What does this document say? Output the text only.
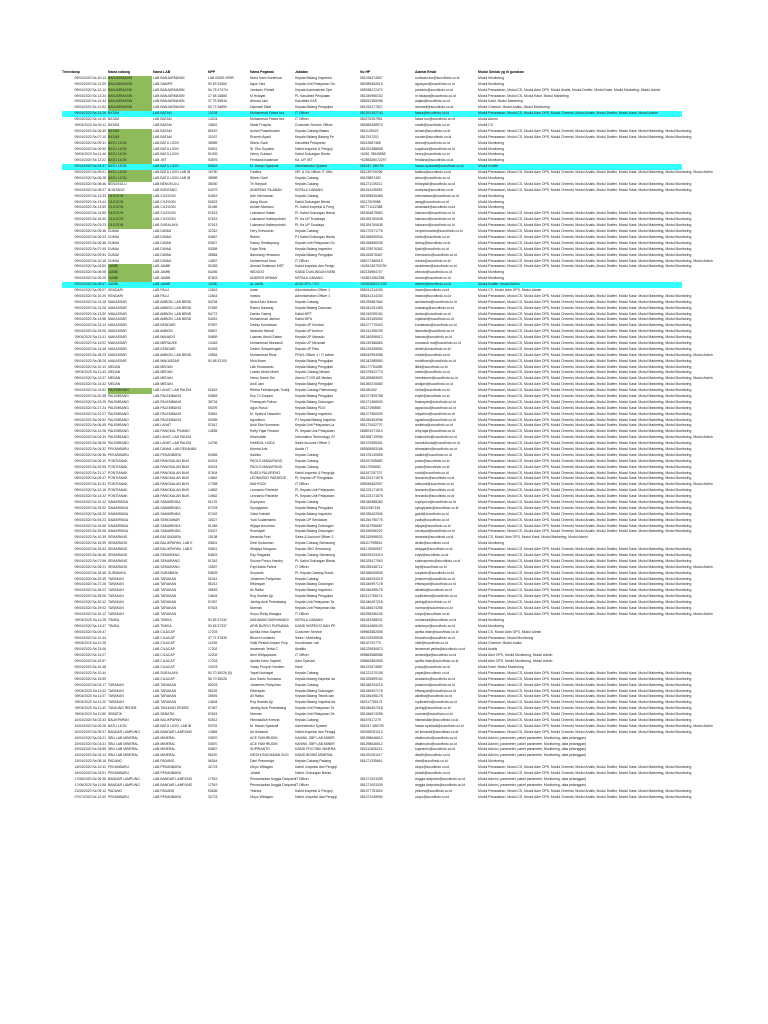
Timestamp	Nama cabang	Nama LAB	NPP	Nama Pegawai	Jabatan	No HP	Alamat Email	Modul Simlab yg di gunakan
09/04/2020 Sa 10:13 BANJARMASIN	LAB BANJARMASIN	LAB BJMS 00RR	Nurul Izam Nurlenisa	Kepala Bidang Inspektor	081235374507	nurlizam.ino@sucofindo.co.id	Modul Monitoring
09/04/2020 Sa 12:09 BANJARMASIN	LAB SAMPIT	90 69 32660	Agus Yani	Kepala Unit Pelayanan Sa	082389452619	agusyani@sucofindo.co.id	Modul Monitoring
09/04/2020 Sa 12:14 BANJARMASIN	LAB BANJARMASIN	54 75 4747/4	Jumiarto Fitriadi	Kepala Administrasi Ope	085338472473	jumiarto@sucofindo.co.id	Modul Penawaran, Modul CS, Modul Adm OPS, Modul Analis, Modul Drafter, Modul Kasir, Modul Marketing, Modul Admin
09/04/2020 Sa 12:24 BANJARMASIN	LAB BANJARMASIN	17 65 16880	M Hidayat	PL Kasubbid Penjualan	081349966152	m.hidayat@sucofindo.co.id	Modul Penawaran, Modul CS, Modul Kasir, Modul Marketing
09/04/2020 Sa 12:44 BANJARMASIN	LAB BANJARMASIN	37 75 36816	Ahmad Jaki	Kasubbid KAS	085251365058	ahjaki@sucofindo.co.id	Modul Kasir, Modul Marketing
09/04/2020 Sa 12:54 BANJARMASIN	LAB BANJARMASIN	50 72 36890	Darmadi Slide	Kepala Bidang Pengujian	081253477827	darmadi@sucofindo.co.id	Modul Chemist, Modul Analis, Modul Monitoring
09/04/2020 Sa 14:26 BATAM	LAB BATAM	13228	Muhammad Fatwa Nur	IT Officer	082291302743	fatwa@sucofindo.co.id	Modul Penawaran, Modul CS, Modul Adm OPS, Modul Chemist, Modul Analis, Modul Drafter, Modul Kasir, Modul Admin
09/04/2020 Sa 14:40 BATAM	LAB BATAM	14224	Muhammad Fatwa Nur	IT Officer	082275267551	fatwa.nur@sucofindo.co.id	Modul Admin
09/04/2020 Sa 04:11 BATAM	LAB BATAM	15602	Made Puspita	Customer Service Officer	085365458974	made@sucofindo.co.id	Modul CS
09/04/2020 Sa 06:39 BATAM	LAB BATAM	89187	Azhari Pasaribuatm	Kepala Cabang Batam	0811109423	azhari@sucofindo.co.id	Modul Penawaran, Modul CS, Modul Adm OPS, Modul Chemist, Modul Analis, Modul Drafter, Modul Kasir, Modul Marketing, Modul Monitoring
09/04/2020 Sa 07:10 BATAM	LAB BATAM	32437	Rusmin Ayadi	Kepala Bidang Batang Pe	0817517201	rusmin@sucofindo.co.id	Modul Penawaran, Modul CS, Modul Adm OPS, Modul Chemist, Modul Analis, Modul Drafter, Modul Kasir, Modul Marketing, Modul Monitoring
09/04/2020 Sa 09:31 BATU LICIN	LAB BATU LICIN	38989	Wisnu Gadi	Kasubbid Pelaporan	08212887465	wisnu@sucofindo.co.id	Modul Monitoring
09/04/2020 Sa 09:50 BATU LICIN	LAB BATU LICIN	53631	St. Eko Suyatno	Kabid Inspeksi & Penguji	081251388668	suyatnoe@sucofindo.co.id	Modul Monitoring
09/04/2020 Sa 11:46 BATU LICIN	LAB BATU LICIN	51309	Henry Gunawi	Kabid Dukungan Bisnis	+6281 78645898	henry@sucofindo.co.id	Modul Monitoring
09/04/2020 Sa 12:22 BATU LICIN	LAB .IBT	53876	Ferdiana Iswandar	Ka. UP. IBT	+6285335072297	ferdiana@sucofindo.co.id	Modul Monitoring
09/04/2020 Sa 03:47 BATU LICIN	LAB BATU LICIN	53632	M. Hasan Syadzali	Administrator System	082247 186709	hasan.syadzali@sucofindo.co.id	Modul Drafter
09/04/2020 Sa 05:01 BATU LICIN	LAB BATU LICIN LAB IB	16780	Fadlina	HR- & GA Officer IT Offic	081139760296	fadlina@sucofindo.co.id	Modul Penawaran, Modul CS, Modul Adm OPS, Modul Chemist, Modul Analis, Modul Drafter, Modul Kasir, Modul Marketing, Modul Monitoring, Modul Admin
09/04/2020 Sa 06:28 BATU LICIN	LAB BATU LICIN LAB IB	38989	Wisnu Gadi	Kepala Cabang	08129857482	wisnu@sucofindo.co.id	Modul Monitoring
09/04/2020 Sa 08:46 BENGKULU	LAB BENGKULU	36030	Tri Haryadi	Kepala Cabang	081271139211	triharyadi@sucofindo.co.id	Modul Penawaran, Modul CS, Modul Adm OPS, Modul Chemist, Modul Analis, Modul Drafter, Modul Kasir, Modul Marketing, Modul Monitoring
09/04/2020 Sa 08:27 BONTANG	LAB BONTANG	54279	ANDREAS SILABAN	KEPALA CABANG	081154435953	andreas@sucofindo.co.id	Modul Penawaran, Modul CS, Modul Adm OPS, Modul Chemist, Modul Analis, Modul Drafter, Modul Kasir, Modul Marketing, Modul Monitoring
09/04/2020 Sa 13:33 CILEGON	LAB CILEGON	54819	Ade Hermawan	Kepala Cabang	081995826465	ahermawan@sucofindo.co.id	Modul Monitoring
09/04/2020 Sa 13:44 CILEGON	LAB CILEGON	53523	Aang Mood	Kabid Dukungan Bisnis	08117529988	aang@sucofindo.co.id	Modul Monitoring
09/04/2020 Sa 13:59 CILEGON	LAB CILEGON	51456	Achien Mardani	PL Kabid Inspeksi & Peng	087771122388	amardani@sucofindo.co.id	Modul Monitoring
09/04/2020 Sa 14:55 CILEGON	LAB CILEGON	57613	Lukmanul Hakim	PL Kabid Dukungan Bisnis	081994879983	lukmanul@sucofindo.co.id	Modul Penawaran, Modul CS, Modul Adm OPS, Modul Chemist, Modul Analis, Modul Drafter, Modul Kasir, Modul Marketing, Modul Monitoring
09/04/2020 Sa 15:40 CILEGON	LAB CILEGON	57613	Lukmanul Hakimputrahi	PL Ka UP Surabaya	081394760638	lukmanul@sucofindo.co.id	Modul Penawaran, Modul CS, Modul Adm OPS, Modul Chemist, Modul Analis, Modul Drafter, Modul Kasir, Modul Marketing, Modul Monitoring
09/04/2020 Sa 03:23 CILEGON	LAB SURALAYA	57613	Lukmanul Hakimputrahi	PL Ka UP Suralaya	081394760638	lukmanul@sucofindo.co.id	Modul Penawaran, Modul CS, Modul Adm OPS, Modul Chemist, Modul Analis, Modul Drafter, Modul Kasir, Modul Marketing, Modul Monitoring
09/04/2020 Sa 05:46 DUMAI	LAB DUMAI	32322	Hery Kresnanto	Kepala Cabang	081272971776	herykresnanto@sucofindo.co.id	Modul Penawaran, Modul CS, Modul Adm OPS, Modul Chemist, Modul Analis, Modul Drafter, Modul Kasir, Modul Marketing, Modul Monitoring
09/04/2020 Sa 06:03 DUMAI	LAB DUMAI	54667	Rianto	PJ Kabid Dukungan Bisnis	081266990534	rianto@sucofindo.co.id	Modul Penawaran, Modul CS, Modul Adm OPS, Modul Chemist, Modul Analis, Modul Drafter, Modul Kasir, Modul Marketing, Modul Monitoring
09/04/2020 Sa 06:38 DUMAI	LAB DUMAI	53627	Danny Simatupang	Kepala Unit Pelayanan Du	081266858335	danny@sucofindo.co.id	Modul Penawaran, Modul CS, Modul Adm OPS, Modul Chemist, Modul Analis, Modul Drafter, Modul Kasir, Modul Marketing, Modul Monitoring
09/04/2020 Sa 07:40 DUMAI	LAB DUMAI	53355	Fajar Rizki	Kepala Bidang Inspektor	081378976362	fjrizki@sucofindo.co.id	Modul Penawaran, Modul CS, Modul Adm OPS, Modul Chemist, Modul Analis, Modul Drafter, Modul Kasir, Modul Marketing, Modul Monitoring
09/04/2020 Sa 09:54 DUMAI	LAB DUMAI	35884	Bambang Herwanto	Kepala Bidang Pengujian	081263578467	bherwanto@sucofindo.co.id	Modul Penawaran, Modul CS, Modul Adm OPS, Modul Chemist, Modul Analis, Modul Drafter, Modul Kasir, Modul Marketing, Modul Monitoring
09/04/2020 Sa 10:16 DUMAI	LAB DUMAI	14567	Muhammad Imra	IT Officer	085277486519	mimra@sucofindo.co.id	Modul Penawaran, Modul CS, Modul Adm OPS, Modul Chemist, Modul Analis, Modul Drafter, Modul Kasir, Modul Marketing, Modul Monitoring, Modul Admin
09/04/2020 Sa 03:50 JAMBI	LAB JAMBI	52483	Ahmad Sulaiman MST	Kabid Inspeksi dan Pengu	+6281245793790	asulaiman@sucofindo.co.id	Modul Penawaran, Modul CS, Modul Adm OPS, Modul Chemist, Modul Analis, Modul Drafter, Modul Kasir, Modul Marketing, Modul Monitoring
09/04/2020 Sa 06:08 JAMBI	LAB JAMBI	54266	WIDODO	KABID DUKUNGAN BISNI	082135984707	widodo@sucofindo.co.id	Modul Monitoring
09/04/2020 Sa 06:29 JAMBI	LAB JAMBI	57603	ANDRES ARMAN	KEPALA CABANG	+628211952258	arman@sucofindo.co.id	Modul Monitoring
09/04/2020 Sa 08:47 JAMBI	LAB JAMBI	15280	AL AMIN	ADM OPS / ITO	+6281366917205	alamin@sucofindo.co.id	Modul Drafter, Modul Admin
09/04/2020 Sa 09:07 KENDARI	LAB PALU	12643	Irwan	Administration Officer 1	085241314150	irwan@sucofindo.co.id	Modul CS, Modul Adm OPS, Modul Admin
09/04/2020 Sa 10:20 KENDARI	LAB PALU	12643	Irwana	Administration Officer 1	085241314150	irwana@sucofindo.co.id	Modul Penawaran, Modul CS, Modul Adm OPS, Modul Chemist, Modul Analis, Modul Drafter, Modul Kasir, Modul Marketing, Modul Monitoring
09/04/2020 Sa 13:18 MAKASSAR	LAB AMBON, LAB BEND	54784	Abdul Aziz Darma	Kepala Cabang	081299687664	azizdarma@sucofindo.co.id	Modul Penawaran, Modul CS, Modul Adm OPS, Modul Chemist, Modul Analis, Modul Drafter, Modul Kasir, Modul Marketing, Modul Monitoring
09/04/2020 Sa 13:26 MAKASSAR	LAB AMBON, LAB BEND	57682	Ranno Nawang	Kepala Bidang Dukunan	081342251459	rnawang@sucofindo.co.id	Modul Penawaran, Modul CS, Modul Adm OPS, Modul Chemist, Modul Analis, Modul Drafter, Modul Kasir, Modul Marketing, Modul Monitoring
09/04/2020 Sa 13:30 MAKASSAR	LAB AMBON, LAB BEND	54772	Darfan Daeng	Kabid MPT	081242095154	darfan@sucofindo.co.id	Modul Penawaran, Modul CS, Modul Adm OPS, Modul Chemist, Modul Analis, Modul Drafter, Modul Kasir, Modul Marketing, Modul Monitoring
09/04/2020 Sa 13:58 MAKASSAR	LAB AMBON, LAB BEND	54261	Muhammad Jaelani	Kabid MPU	081243165054	mjaelani@sucofindo.co.id	Modul Penawaran, Modul CS, Modul Adm OPS, Modul Chemist, Modul Analis, Modul Drafter, Modul Kasir, Modul Marketing, Modul Monitoring
09/04/2020 Sa 13:14 MAKASSAR	LAB BENDARI	57697	Deddy Kurniawan	Kepala UP Kendari	081377779420	kurniawan@sucofindo.co.id	Modul Penawaran, Modul CS, Modul Adm OPS, Modul Chemist, Modul Analis, Modul Drafter, Modul Kasir, Modul Marketing, Modul Monitoring
09/04/2020 Sa 29:06 MAKASSAR	LAB AMBON	55607	Iskandar Nemal	Kepala UP Ambon	081241396199	iskandar@sucofindo.co.id	Modul Penawaran, Modul CS, Modul Adm OPS, Modul Chemist, Modul Analis, Modul Drafter, Modul Kasir, Modul Marketing, Modul Monitoring
09/04/2020 Sa 11:41 MAKASSAR	LAB MANADO	54659	Lukman Abdul Salam	Kepala UP Manado	081340596612	lukman@sucofindo.co.id	Modul Penawaran, Modul CS, Modul Adm OPS, Modul Chemist, Modul Analis, Modul Drafter, Modul Kasir, Modul Marketing, Modul Monitoring
09/04/2020 Sa 14:02 MAKASSAR	LAB MERAUKE	14463	Muhammad Mursandi	Kepala UP Merauke	081249386683	mursandi.md@sucofindo.co.id	Modul Penawaran, Modul CS, Modul Adm OPS, Modul Chemist, Modul Analis, Modul Drafter, Modul Kasir, Modul Marketing, Modul Monitoring
09/04/2020 Sa 14:46 MAKASSAR	LAB KENDARI	54493	Dedeh Setiyaningsih	Kepala UP Palu	081226495554	dedeh@sucofindo.co.id	Modul Penawaran, Modul CS, Modul Adm OPS, Modul Chemist, Modul Analis, Modul Drafter, Modul Kasir, Modul Marketing, Modul Monitoring
09/04/2020 Sa 18:23 MAKASSAR	LAB AMBON, LAB BEND	15564	Muhammad Rizal	PKWL Officer 1 / IT admin	085242994088	mrizal@sucofindo.co.id	Modul Penawaran, Modul CS, Modul Adm OPS, Modul Chemist, Modul Analis, Modul Drafter, Modul Kasir, Modul Marketing, Modul Monitoring, Modul Admin
09/04/2020 Sa 08:26 MAKASSAR	LAB MAKASSAR	50 68 32100	Muh Ilham	Kepala Bidang Pengujian	081342985550	muhilham@sucofindo.co.id	Modul Penawaran, Modul CS, Modul Adm OPS, Modul Chemist, Modul Analis, Modul Drafter, Modul Kasir, Modul Marketing, Modul Monitoring
09/04/2020 Sa 10:13 MEDAN	LAB MEDAN	Lilik Khuswanto	Kepala Bidang Pengujian	081177754455	lilikk@sucofindo.co.id	Modul Penawaran, Modul CS, Modul Adm OPS, Modul Chemist, Modul Analis, Modul Drafter, Modul Kasir, Modul Marketing, Modul Monitoring
09/04/2020 Sa 11:43 MEDAN	LAB MEDAN	Loebis Abdul Muthi	Kepala Cabang Medan	081375622774	loebis@sucofindo.co.id	Modul Penawaran, Modul CS, Modul Adm OPS, Modul Chemist, Modul Analis, Modul Drafter, Modul Kasir, Modul Marketing, Modul Monitoring
09/04/2020 Sa 12:07 MEDAN	LAB MEDAN	Henni Dame Sin	Admin IT DIS AB Medan	081269883553	hennidame@sucofindo.co.id	Modul Penawaran, Modul CS, Modul Adm OPS, Modul Chemist, Modul Analis, Modul Drafter, Modul Kasir, Modul Marketing, Modul Monitoring, Modul Admin
09/04/2020 Sa 14:32 MEDAN	LAB MEDAN	Andi Jani	Kepala Bidang Pengujian	081360476680	andijani@sucofindo.co.id	Modul Penawaran, Modul CS, Modul Adm OPS, Modul Chemist, Modul Analis, Modul Drafter, Modul Kasir, Modul Marketing, Modul Monitoring
09/04/2020 Sa 03:52 PALEMBANG	LAB LAHAT, LAB PALEM	52616	Rietha Febriansyah Tnatiji	Kepala Cabang Palembang	081180462	rietha@sucofindo.co.id	Modul Penawaran, Modul CS, Modul Adm OPS, Modul Chemist, Modul Analis, Modul Drafter, Modul Kasir, Modul Marketing, Modul Monitoring
09/04/2020 Sa 20:38 PALEMBANG	LAB PALEMBANG	53683	Eny Tri Suryani	Kepala Bidang Pengujian	081377509768	enytri@sucofindo.co.id	Modul Penawaran, Modul CS, Modul Adm OPS, Modul Chemist, Modul Analis, Modul Drafter, Modul Kasir, Modul Marketing, Modul Monitoring
09/04/2020 Sa 23:25 PALEMBANG	LAB PALEMBANG	35734	Finansyah Putran	Kepala Bidang Dukungan	081271368000	finansyah@sucofindo.co.id	Modul Penawaran, Modul CS, Modul Adm OPS, Modul Chemist, Modul Analis, Modul Drafter, Modul Kasir, Modul Marketing, Modul Monitoring
09/04/2020 Sa 27:24 PALEMBANG	LAB PALEMBANG	55209	Agus Rosul	Kepala Bidang PDO	08117198885	agusrosul@sucofindo.co.id	Modul Penawaran, Modul CS, Modul Adm OPS, Modul Chemist, Modul Analis, Modul Drafter, Modul Kasir, Modul Marketing, Modul Monitoring
09/04/2020 Sa 01:27 PALEMBANG	LAB PALEMBANG	53651	M. Syahrul Nasution	Kepala Bidang Inspektor	081377860009	msyahrul@sucofindo.co.id	Modul Penawaran, Modul CS, Modul Adm OPS, Modul Chemist, Modul Analis, Modul Drafter, Modul Kasir, Modul Marketing, Modul Monitoring
09/04/2020 Sa 06:52 PALEMBANG	LAB PALEMBANG	53256	Agustinus	PJ Kepala Bidang Inspeksi	081284963596	agustinus@sucofindo.co.id	Modul Penawaran, Modul CS, Modul Adm OPS, Modul Chemist, Modul Analis, Modul Drafter, Modul Kasir, Modul Marketing, Modul Monitoring
09/04/2020 Sa 06:45 PALEMBANG	LAB LAHAT	57612	Andi Eka Normanto	Kepala Unit Pelayanan La	081173402770	andieka@sucofindo.co.id	Modul Penawaran, Modul CS, Modul Adm OPS, Modul Chemist, Modul Analis, Modul Drafter, Modul Kasir, Modul Marketing, Modul Monitoring
09/04/2020 Sa 12:28 PALEMBANG	LAB PANGKAL PINANG	14835	Refly Fajar Ferdian	PL Kepala Unit Pelayanan	085691971514	refly.fajar@sucofindo.co.id	Modul Penawaran, Modul CS, Modul Adm OPS, Modul Chemist, Modul Analis, Modul Drafter, Modul Kasir, Modul Marketing, Modul Monitoring
09/04/2020 Sa 04:34 PALEMBANG	LAB LAHAT, LAB PALEM	Khairuddin	Information Technology Of	081368719996	khairuddin@sucofindo.co.id	Modul Penawaran, Modul CS, Modul Adm OPS, Modul Chemist, Modul Analis, Modul Drafter, Modul Kasir, Modul Marketing, Modul Monitoring, Modul Admin
09/04/2020 Sa 08:06 PALEMBANG	LAB LAHAT, LAB PALEM	14796	HAMDUL HUDA	Sales Account Officer 2	081370555301	hamdulhuda@sucofindo.co.id	Modul Penawaran, Modul CS, Modul Adm OPS, Modul Chemist, Modul Analis, Modul Drafter, Modul Kasir, Modul Marketing, Modul Monitoring
09/04/2020 Sa 04:32 PEKANBARU	LAB DUMAI, LAB PEKANBA	Ahmad Aris	Analis IT	085365553166	ahmadaris@sucofindo.co.id	Modul Penawaran, Modul CS, Modul Adm OPS, Modul Chemist, Modul Analis, Modul Drafter, Modul Kasir, Modul Marketing, Modul Monitoring
09/04/2020 Sa 06:36 PEKANBARU	LAB PEKANBARU	54365	Sadikin	Kepala Cabang	081378130696	sadikin@sucofindo.co.id	Modul Penawaran, Modul CS, Modul Adm OPS, Modul Chemist, Modul Analis, Modul Drafter, Modul Kasir, Modul Marketing, Modul Monitoring
09/04/2020 Sa 06:10 PONTIANAK	LAB PANGKALAN BUN	54224	PAOLO MANURUNG	Kepala Cabang	081197055650	paolo@sucofindo.co.id	Modul Penawaran, Modul CS, Modul Adm OPS, Modul Chemist, Modul Analis, Modul Drafter, Modul Kasir, Modul Marketing, Modul Monitoring
09/04/2020 Sa 20:55 PONTIANAK	LAB PANGKALAN BUN	54224	PAOLO MANURUNG	Kepala Cabang	08117055650	paolo@sucofindo.co.id	Modul Penawaran, Modul CS, Modul Adm OPS, Modul Chemist, Modul Analis, Modul Drafter, Modul Kasir, Modul Marketing, Modul Monitoring
09/04/2020 Sa 21:17 PONTIANAK	LAB PANGKALAN BUN	57604	RUDDI PALURENG	Kabid Inspeksi & Pengujia	081197257707	ruddi@sucofindo.co.id	Modul Penawaran, Modul CS, Modul Adm OPS, Modul Chemist, Modul Analis, Modul Drafter, Modul Kasir, Modul Marketing, Modul Monitoring
09/04/2020 Sa 09:47 PONTIANAK	LAB PANGKALAN BUN	14662	LEONARDO PARDEDE	PL Kepala UP Pengkalan	081223171878	leonardo@sucofindo.co.id	Modul Penawaran, Modul CS, Modul Adm OPS, Modul Chemist, Modul Analis, Modul Drafter, Modul Kasir, Modul Marketing, Modul Monitoring
09/04/2020 Sa 10:31 PONTIANAK	LAB PANGKALAN BUN	17398	WAHYUDI	IT Officer	085345652097	wahyudi@sucofindo.co.id	Modul Penawaran, Modul CS, Modul Adm OPS, Modul Chemist, Modul Analis, Modul Drafter, Modul Kasir, Modul Marketing, Modul Monitoring, Modul Admin
09/04/2020 Sa 12:16 PONTIANAK	LAB PANGKALAN BUN	14662	Leonardo Pardede	PL Kepala Unit Pelayanan	081223171878	leonardo@sucofindo.co.id	Modul Penawaran, Modul CS, Modul Adm OPS, Modul Chemist, Modul Analis, Modul Drafter, Modul Kasir, Modul Marketing, Modul Monitoring
09/04/2020 Sa 14:22 PONTIANAK	LAB PANGKALAN BUN	14662	Leonardo Pardede	PL Kepala Unit Pelayanan	081223171878	leonardo@sucofindo.co.id	Modul Penawaran, Modul CS, Modul Adm OPS, Modul Chemist, Modul Analis, Modul Drafter, Modul Kasir, Modul Marketing, Modul Monitoring
09/04/2020 Sa 10:12 SAMARINDA	LAB SAMARINDA	51176	Supriyono	Kepala Cabang	081346588282	supriyono@sucofindo.co.id	Modul Penawaran, Modul CS, Modul Adm OPS, Modul Chemist, Modul Analis, Modul Drafter, Modul Kasir, Modul Marketing, Modul Monitoring
09/04/2020 Sa 29:32 SAMARINDA	LAB SAMARINDA	57378	Syurgiyanto	Kepala Bidang Pengujian	08111987146	syurgiyanto@sucofindo.co.id	Modul Penawaran, Modul CS, Modul Adm OPS, Modul Chemist, Modul Analis, Modul Drafter, Modul Kasir, Modul Marketing, Modul Monitoring
09/04/2020 Sa 05:20 SAMARINDA	LAB SAMARINDA	57402	Gatot Kaharti	Kepala Bidang Inspektor	081335402936	gatot@sucofindo.co.id	Modul Penawaran, Modul CS, Modul Adm OPS, Modul Chemist, Modul Analis, Modul Drafter, Modul Kasir, Modul Marketing, Modul Monitoring
09/04/2020 Sa 54:23 SAMARINDA	LAB SENDAWAR	18327	Yudi Sudarmanto	Kepala UP Sendawar	081254798775	yudis@sucofindo.co.id	Modul Penawaran, Modul CS, Modul Adm OPS, Modul Chemist, Modul Analis, Modul Drafter, Modul Kasir, Modul Marketing, Modul Monitoring
09/04/2020 Sa 34:56 SAMARINDA	LAB SAMARINDA	51346	Wijaya Anurman	Kepala Bidang Dukungan	081347956687	wijaya@sucofindo.co.id	Modul Penawaran, Modul CS, Modul Adm OPS, Modul Chemist, Modul Analis, Modul Drafter, Modul Kasir, Modul Marketing, Modul Monitoring
09/04/2020 Sa 39:06 SAMARINDA	LAB SAMARINDA	53427	Rusmiyati	Kepala Bidang Dukungan	081155986229	rusmiyati@sucofindo.co.id	Modul Penawaran, Modul CS, Modul Adm OPS, Modul Chemist, Modul Analis, Modul Drafter, Modul Kasir, Modul Marketing, Modul Monitoring
09/04/2020 Sa 10:39 SEMARANG	LAB BATUNDARA	15138	Amanda Putri	Sales & Account Officer 2	081315998032	amanda@sucofindo.co.id	Modul CS, Modul Adm OPS, Modul Kasir, Modul Marketing, Modul Admin
09/04/2020 Sa 15:39 SEMARANG	LAB BALIKPAPAN, LAB E	53601	Dedi Sudarman	Kepala Cabang Semarang	081117995544	dedis@sucofindo.co.id	Modul Monitoring
09/04/2020 Sa 15:44 SEMARANG	LAB BALIKPAPAN, LAB E	53601	Widjaya Margono	Kepala OBG Semarang	081178080537	widjaya@sucofindo.co.id	Modul Penawaran, Modul CS, Modul Adm OPS, Modul Chemist, Modul Analis, Modul Drafter, Modul Kasir, Modul Marketing, Modul Monitoring
09/04/2020 Sa 06:46 SEMARANG	LAB SEMARANG	54603	Edy Siaganta	Kepala Cabang Semarang	085225324413	edys@sucofindo.co.id	Modul Penawaran, Modul CS, Modul Adm OPS, Modul Chemist, Modul Analis, Modul Drafter, Modul Kasir, Modul Marketing, Modul Monitoring
09/04/2020 Sa 07:56 SEMARANG	LAB SEMARANG	51342	Sukma Ponco Handry	PL Kabid Dukungan Bisnis	081329477063	sukmaponco@sucofindo.co.id	Modul Penawaran, Modul CS, Modul Adm OPS, Modul Chemist, Modul Analis, Modul Drafter, Modul Kasir, Modul Marketing, Modul Monitoring
09/04/2020 Sa 08:21 SEMARANG	LAB SEMARANG	15597	Fajri Ilakta Pahmi	IT Officer	081295448712	fajri@sucofindo.co.id	Modul Penawaran, Modul CS, Modul Adm OPS, Modul Chemist, Modul Analis, Modul Drafter, Modul Kasir, Modul Marketing, Modul Monitoring, Modul Admin
09/04/2020 Sa 18:48 SURABAYA	LAB SURABAYA	53609	Suryanto	PL Kepala Cabang Surab	081356059639	suryanto@sucofindo.co.id	Modul Penawaran, Modul CS, Modul Adm OPS, Modul Chemist, Modul Analis, Modul Drafter, Modul Kasir, Modul Marketing, Modul Monitoring
09/04/2020 Sa 20:49 TARAKAN	LAB TARAKAN	52441	Johannes Pahyuhan	Kepala Cabang	081348294215	johannes@sucofindo.co.id	Modul Penawaran, Modul CS, Modul Adm OPS, Modul Chemist, Modul Analis, Modul Drafter, Modul Kasir, Modul Marketing, Modul Monitoring
09/04/2020 Sa 27:26 TARAKAN	LAB TARAKAN	55212	Effansyah	Kepala Bidang Dukungan	081346997178	effansyah@sucofindo.co.id	Modul Penawaran, Modul CS, Modul Adm OPS, Modul Chemist, Modul Analis, Modul Drafter, Modul Kasir, Modul Marketing, Modul Monitoring
09/04/2020 Sa 28:22 TARAKAN	LAB TARAKAN	35693	Ali Rafka	Kepala Bidang Inspektor	081346498178	alirafka@sucofindo.co.id	Modul Penawaran, Modul CS, Modul Adm OPS, Modul Chemist, Modul Analis, Modul Drafter, Modul Kasir, Modul Marketing, Modul Monitoring
09/04/2020 Sa 28:06 TARAKAN	LAB TARAKAN	14604	Roy Ibrahim Aji	Kepala Bidang Pengujian	082117765174	royibrahim@sucofindo.co.id	Modul Penawaran, Modul CS, Modul Adm OPS, Modul Chemist, Modul Analis, Modul Drafter, Modul Kasir, Modul Marketing, Modul Monitoring
09/04/2020 Sa 30:12 TARAKAN	LAB TARAKAN	57457	Jarring Andi Pedriabang	Kepala Unit Pelayanan Ta	081346497218	jarring@sucofindo.co.id	Modul Penawaran, Modul CS, Modul Adm OPS, Modul Chemist, Modul Analis, Modul Drafter, Modul Kasir, Modul Marketing, Modul Monitoring
09/04/2020 Sa 29:02 TARAKAN	LAB TARAKAN	57624	Nurman	Kepala Unit Pelayanan Ma	081346674256	nurman@sucofindo.co.id	Modul Penawaran, Modul CS, Modul Adm OPS, Modul Chemist, Modul Analis, Modul Drafter, Modul Kasir, Modul Marketing, Modul Monitoring
09/04/2020 Sa 32:12 TARAKAN	LAB TARAKAN	Suryo Rizky Alangka	IT Officer	082255286106	suryo@sucofindo.co.id	Modul Penawaran, Modul CS, Modul Adm OPS, Modul Chemist, Modul Analis, Modul Drafter, Modul Kasir, Modul Marketing, Modul Monitoring, Modul Admin
09/04/2020 Sa 11:28 TIMIKA	LAB TIMIKA	53 65 37432	MUHAMAD BURHANUDI	KEPALA CABANG	081343288031	muhamad@sucofindo.co.id	Modul Monitoring
09/04/2020 Sa 13:47 TIMIKA	LAB TIMIKA	53 65 37337	ARIS BURYO PURNAMA	KABID INSPEKSI DAN PE	085244565100	arisburyo@sucofindo.co.id	Modul Monitoring
09/04/2020 Sa 04:47	LAB CILACAP	17203	Apriliia Intan Sayekti	Customer Service	089663582655	aprilia.intan@sucofindo.co.id	Modul CS, Modul Adm OPS, Modul Admin
09/04/2020 Sa 10:44	LAB CILACAP	37 71 37635	Bhumi Kurdianto	Sales / Marketing	081222539938	bhumikur@sucofindo.co.id	Modul Penawaran, Modul Monitoring
09/04/2020 Sa 11:28	LAB CILACAP	11206	Vidki Restuti Ansani Purp	Koordinator Lab	08132702770	vidki@sucofindo.co.id	Modul Chemist, Modul Analis
09/04/2020 Sa 13:06	LAB CILACAP	17202	Ismarmah Yerita C.	Analitis	081229830873	ismarmah.yerita@sucofindo.co.id	Modul Analis
09/04/2020 Sa 13:27	LAB CILACAP	12202	Arini Widyaparwa	IT Officer	089663588986	ariniwidya@sucofindo.co.id	Modul Adm OPS, Modul Monitoring, Modul Admin
09/04/2020 Sa 10:57	LAB CILACAP	17203	Apriliia Intan Sayekti	Adm Operasi	089663582655	aprilia.intan@sucofindo.co.id	Modul Adm OPS, Modul Monitoring, Modul Admin
09/04/2020 Sa 10:48	LAB CILACAP	10078	Yossy Punyoh Nordem	Kasir	081222674887	yossy@sucofindo.co.id	Modul Kasir, Modul Monitoring
09/04/2020 Sa 10:44	LAB SURALAYA	50 70 36026 (9)	Yayat Nurhayat	Kepala Cabang	081221370108	yayat@sucofindo.co.id	Modul Penawaran, Modul CS, Modul Adm OPS, Modul Chemist, Modul Analis, Modul Drafter, Modul Kasir, Modul Marketing, Modul Monitoring
09/04/2020 Sa 15:59	LAB CILACAP	56 70 36026	Ano Santo Sumiawa	Kepala bidang Inspeksi da	081325899150	anosanto@sucofindo.co.id	Modul Penawaran, Modul CS, Modul Adm OPS, Modul Chemist, Modul Analis, Modul Drafter, Modul Kasir, Modul Marketing, Modul Monitoring
09/04/2020 Sa 03:17 TARAKAN	LAB TARAKAN	55203	Johannes Pahyuhan	Kepala Cabang	081348294215	johannes@sucofindo.co.id	Modul Penawaran, Modul CS, Modul Adm OPS, Modul Chemist, Modul Analis, Modul Drafter, Modul Kasir, Modul Marketing, Modul Monitoring
09/04/2020 Sa 11:42 TARAKAN	LAB TARAKAN	55232	Effansyah	Kepala Bidang Dukungan	081346997178	effansyah@sucofindo.co.id	Modul Penawaran, Modul CS, Modul Adm OPS, Modul Chemist, Modul Analis, Modul Drafter, Modul Kasir, Modul Marketing, Modul Monitoring
09/04/2020 Sa 11:07 TARAKAN	LAB TARAKAN	35693	Ali Rafka	Kepala Bidang Teknik dan	081346498178	alirafka@sucofindo.co.id	Modul Penawaran, Modul CS, Modul Adm OPS, Modul Chemist, Modul Analis, Modul Drafter, Modul Kasir, Modul Marketing, Modul Monitoring
09/04/2020 Sa 11:20 TARAKAN	LAB TARAKAN	14604	Roy Ibrahim Aji	Kepala Bidang Inspeksi da	082117765174	royibrahim@sucofindo.co.id	Modul Penawaran, Modul CS, Modul Adm OPS, Modul Chemist, Modul Analis, Modul Drafter, Modul Kasir, Modul Marketing, Modul Monitoring
09/04/2020 Sa 11:42 TANJUNG REDEB	LAB TANJUNG REDEB	57457	Jarring Andi Pedriabang	Kepala Unit Pelayanan Ta	081346497218	jarring@sucofindo.co.id	Modul Penawaran, Modul CS, Modul Adm OPS, Modul Chemist, Modul Analis, Modul Drafter, Modul Kasir, Modul Marketing, Modul Monitoring
09/04/2020 Sa 11:50 SEBATIK	LAB SEBATIK	57624	Nurman	Kepala Unit Pelayanan Se	081346674256	nurman@sucofindo.co.id	Modul Penawaran, Modul CS, Modul Adm OPS, Modul Chemist, Modul Analis, Modul Drafter, Modul Kasir, Modul Marketing, Modul Monitoring
10/04/2020 Sa 02:33 BALIKPAPAN	LAB BALIKPAPAN	52612	Hikmatullah Kresna	Kepala Cabang	08157517275	hikmatullah@sucofindo.co.id	Modul Penawaran, Modul CS, Modul Adm OPS, Modul Chemist, Modul Analis, Modul Drafter, Modul Kasir, Modul Marketing, Modul Monitoring
10/04/2020 Sa 06:26 BATU LICIN	LAB BATU LICIN, LAB IB	53791	M. Hasan Syadzali	Administrator System	082247 186709	hasan.syadzali@sucofindo.co.id	Modul Penawaran, Modul CS, Modul Adm OPS, Modul Chemist, Modul Analis, Modul Drafter, Modul Kasir, Modul Marketing, Modul Monitoring, Modul Admin
10/04/2020 Sa 05:37 BANDAR LAMPUNG	LAB BANDAR LAMPUNG	14684	Ari Ikhsandi	Kabid Inspeksi dan Penguj	082269051012	ari.ikhsandi@sucofindo.co.id	Modul Penawaran, Modul CS, Modul Adm OPS, Modul Chemist, Modul Analis, Modul Drafter, Modul Kasir, Modul Marketing, Modul Monitoring
10/04/2020 Sa 03:21 SBU LAB MINERAL	LAB MINERAL	03870	ACE FAKHRUDIN	KANWIL SBP LAB MINER	081298646612	afakhrudin@sucofindo.co.id	Modul Admin | parameter, paket parameter, Monitoring, data pelanggan)
10/04/2020 Sa 03:31 SBU LAB MINERAL	LAB MINERAL	03870	ACE FAKHRUDIN	KANWIL SBP LAB MINER	081298646612	afakhrudin@sucofindo.co.id	Modul Admin | parameter, paket parameter, Monitoring, data pelanggan)
10/04/2020 Sa 03:55 SBU LAB MINERAL	LAB MINERAL	53607	SUPRIANTO	KABID PDO SBU MINERA	082112606213	suprianto@sucofindo.co.id	Modul Admin | parameter, paket parameter, Monitoring, data pelanggan)
10/04/2020 Sa 04:14 SBU LAB MINERAL	LAB MINERAL	56220	DIEDHI BUDIAMAN SUG	KABID BISNIS MINERAL	081291051017	diedhi@sucofindo.co.id	Modul Admin | parameter, paket parameter, Monitoring, data pelanggan)
13/04/2020 Sa 08:16 PADANG	LAB PADANG	56344	Dani Pramantyo	Kepala Cabang Padang	081171335661	dani@sucofindo.co.id	Modul Monitoring
14/04/2020 Sa 10:42 PEKANBARU	LAB PEKANBARU	32723	Uluyo Wibagdo	Kabid. Inspeksi dan Penguji	uluyo@sucofindo.co.id	Modul Penawaran, Modul CS, Modul Adm OPS, Modul Chemist, Modul Analis, Modul Drafter, Modul Kasir, Modul Marketing, Modul Monitoring
16/04/2020 Sa 03:51 PEKANBARU	LAB PEKANBARU	Juhadi	Kabid. Dukungan Bisnis	juhadi@sucofindo.co.id	Modul Penawaran, Modul CS, Modul Adm OPS, Modul Chemist, Modul Analis, Modul Drafter, Modul Kasir, Modul Marketing, Modul Monitoring
17/06/2020 Sa 09:36 BANDAR LAMPUNG	LAB BANDAR LAMPUNG	17919	Penandanian Anggia Dwiputra IT Officer	081271003339	anggia.dwiputra@sucofindo.co.id	Modul Admin | parameter, paket parameter, Monitoring, data pelanggan)
17/06/2020 Sa 11:58 BANDAR LAMPUNG	LAB BANDAR LAMPUNG	17919	Penandanian Anggia Dwiputra IT Officer	081271003339	anggia.dwiputra@sucofindo.co.id	Modul Admin | parameter, paket parameter, Monitoring, data pelanggan)
21/06/2020 Sa 09:12 PADANG	LAB PADANG	53636	Yeknea	Kabid Inspeksi & Penguji	081377751604	yeknea@sucofindo.co.id	Modul Penawaran, Modul CS, Modul Adm OPS, Modul Chemist, Modul Analis, Modul Drafter, Modul Kasir, Modul Marketing, Modul Monitoring
07/07/2020 Sa 12:40 PEKANBARU	LAB PEKANBARU	32723	Uluyo Wibagdo	Kabid. Inspeksi dan Penguji	081371045990	uluyo@sucofindo.co.id	Modul Penawaran, Modul CS, Modul Adm OPS, Modul Chemist, Modul Analis, Modul Drafter, Modul Kasir, Modul Marketing, Modul Monitoring
